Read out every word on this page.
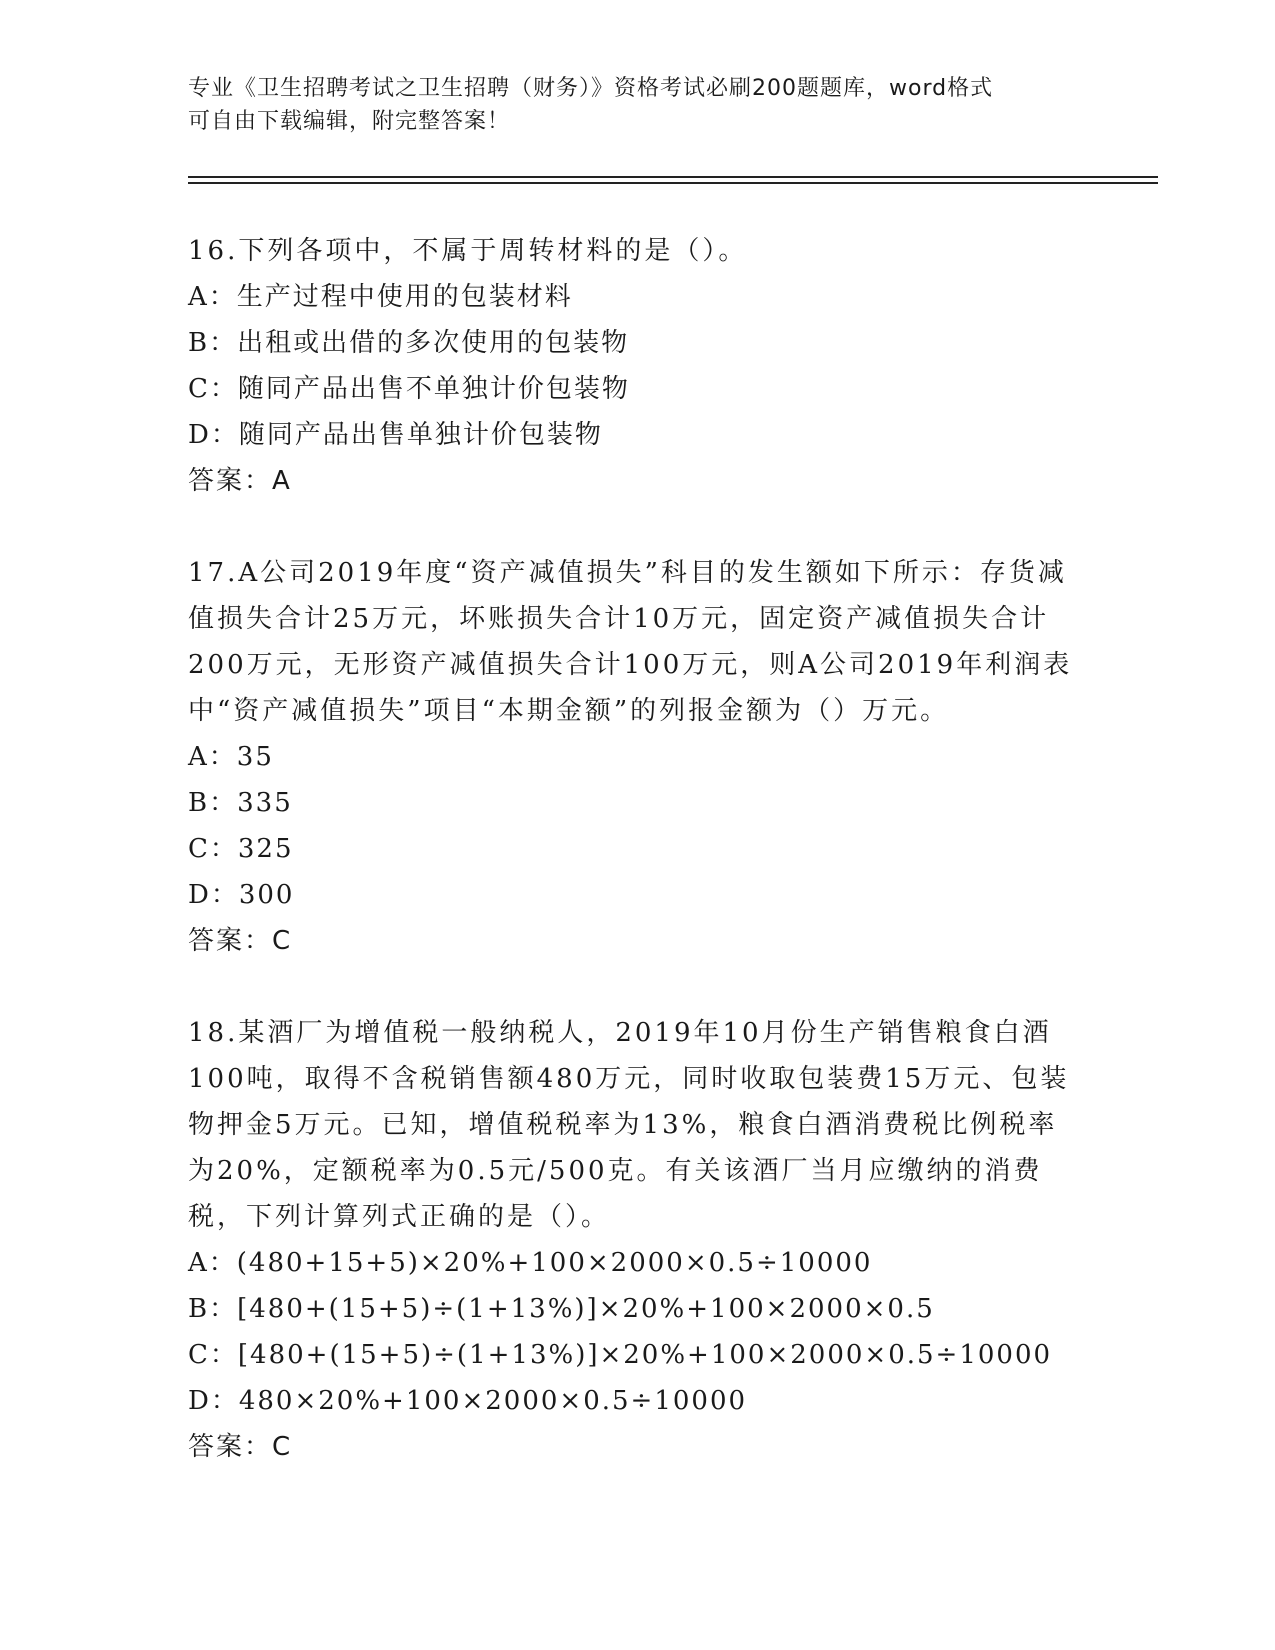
专业《卫生招聘考试之卫生招聘（财务）》资格考试必刷200题题库，word格式
可自由下载编辑，附完整答案！
16.下列各项中，不属于周转材料的是（）。
A：生产过程中使用的包装材料
B：出租或出借的多次使用的包装物
C：随同产品出售不单独计价包装物
D：随同产品出售单独计价包装物
答案：A
17.A公司2019年度“资产减值损失”科目的发生额如下所示：存货减
值损失合计25万元，坏账损失合计10万元，固定资产减值损失合计
200万元，无形资产减值损失合计100万元，则A公司2019年利润表
中“资产减值损失”项目“本期金额”的列报金额为（）万元。
A：35
B：335
C：325
D：300
答案：C
18.某酒厂为增值税一般纳税人，2019年10月份生产销售粮食白酒
100吨，取得不含税销售额480万元，同时收取包装费15万元、包装
物押金5万元。已知，增值税税率为13%，粮食白酒消费税比例税率
为20%，定额税率为0.5元/500克。有关该酒厂当月应缴纳的消费
税，下列计算列式正确的是（）。
A：(480+15+5)×20%+100×2000×0.5÷10000
B：[480+(15+5)÷(1+13%)]×20%+100×2000×0.5
C：[480+(15+5)÷(1+13%)]×20%+100×2000×0.5÷10000
D：480×20%+100×2000×0.5÷10000
答案：C
